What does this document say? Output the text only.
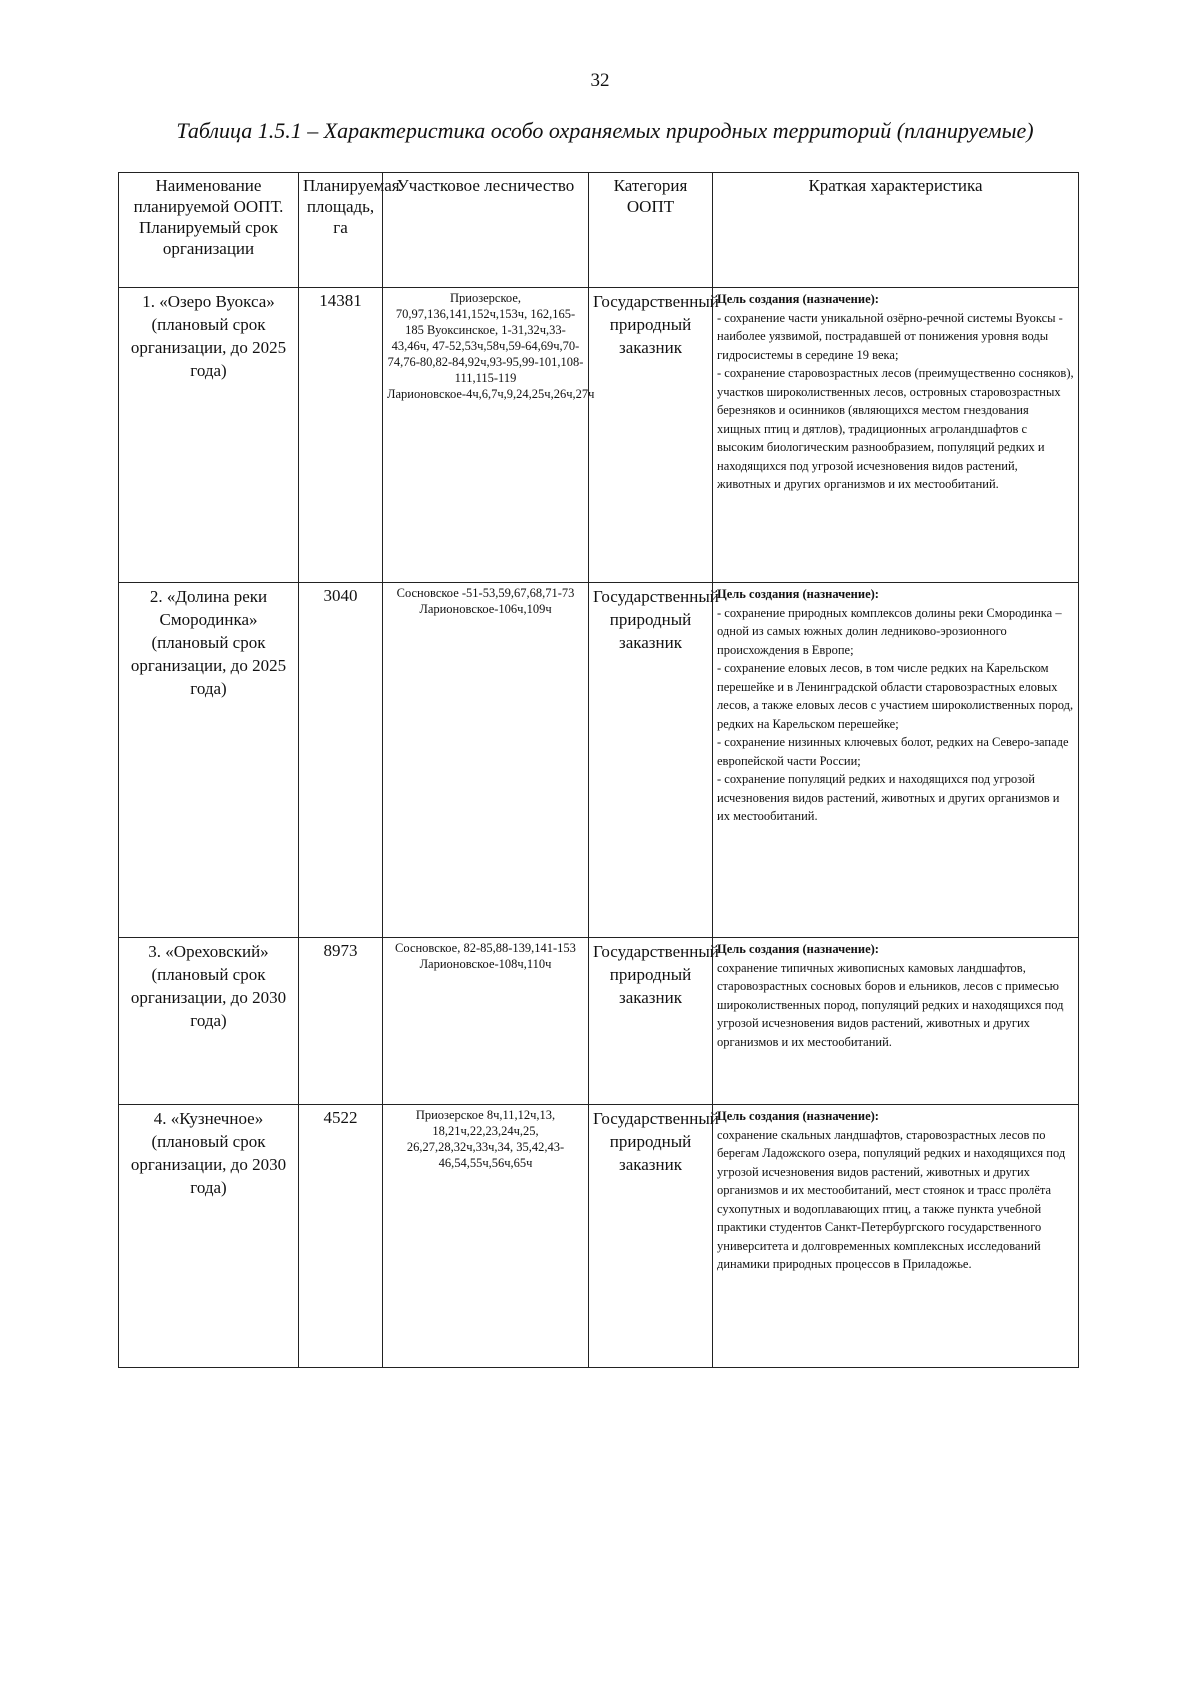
32
Таблица 1.5.1 – Характеристика особо охраняемых природных территорий (планируемые)
Наименование планируемой ООПТ. Планируемый срок организации	Планируемая площадь, га	Участковое лесничество	Категория ООПТ	Краткая характеристика
1. «Озеро Вуокса» (плановый срок организации, до 2025 года)	14381	Приозерское, 70,97,136,141,152ч,153ч, 162,165-185 Вуоксинское, 1-31,32ч,33-43,46ч, 47-52,53ч,58ч,59-64,69ч,70-74,76-80,82-84,92ч,93-95,99-101,108-111,115-119 Ларионовское-4ч,6,7ч,9,24,25ч,26ч,27ч	Государственный природный заказник	Цель создания (назначение):
- сохранение части уникальной озёрно-речной системы Вуоксы - наиболее уязвимой, пострадавшей от понижения уровня воды гидросистемы в середине 19 века;
- сохранение старовозрастных лесов (преимущественно сосняков), участков широколиственных лесов, островных старовозрастных березняков и осинников (являющихся местом гнездования хищных птиц и дятлов), традиционных агроландшафтов с высоким биологическим разнообразием, популяций редких и находящихся под угрозой исчезновения видов растений, животных и других организмов и их местообитаний.

2. «Долина реки Смородинка» (плановый срок организации, до 2025 года)	3040	Сосновское -51-53,59,67,68,71-73 Ларионовское-106ч,109ч	Государственный природный заказник	Цель создания (назначение):
- сохранение природных комплексов долины реки Смородинка – одной из самых южных долин ледниково-эрозионного происхождения в Европе;
- сохранение еловых лесов, в том числе редких на Карельском перешейке и в Ленинградской области старовозрастных еловых лесов, а также еловых лесов с участием широколиственных пород, редких на Карельском перешейке;
- сохранение низинных ключевых болот, редких на Северо-западе европейской части России;
- сохранение популяций редких и находящихся под угрозой исчезновения видов растений, животных и других организмов и их местообитаний.

3. «Ореховский» (плановый срок организации, до 2030 года)	8973	Сосновское, 82-85,88-139,141-153 Ларионовское-108ч,110ч	Государственный природный заказник	Цель создания (назначение):
сохранение типичных живописных камовых ландшафтов, старовозрастных сосновых боров и ельников, лесов с примесью широколиственных пород, популяций редких и находящихся под угрозой исчезновения видов растений, животных и других организмов и их местообитаний.

4. «Кузнечное» (плановый срок организации, до 2030 года)	4522	Приозерское 8ч,11,12ч,13, 18,21ч,22,23,24ч,25, 26,27,28,32ч,33ч,34, 35,42,43-46,54,55ч,56ч,65ч	Государственный природный заказник	Цель создания (назначение):
сохранение скальных ландшафтов, старовозрастных лесов по берегам Ладожского озера, популяций редких и находящихся под угрозой исчезновения видов растений, животных и других организмов и их местообитаний, мест стоянок и трасс пролёта сухопутных и водоплавающих птиц, а также пункта учебной практики студентов Санкт-Петербургского государственного университета и долговременных комплексных исследований динамики природных процессов в Приладожье.
